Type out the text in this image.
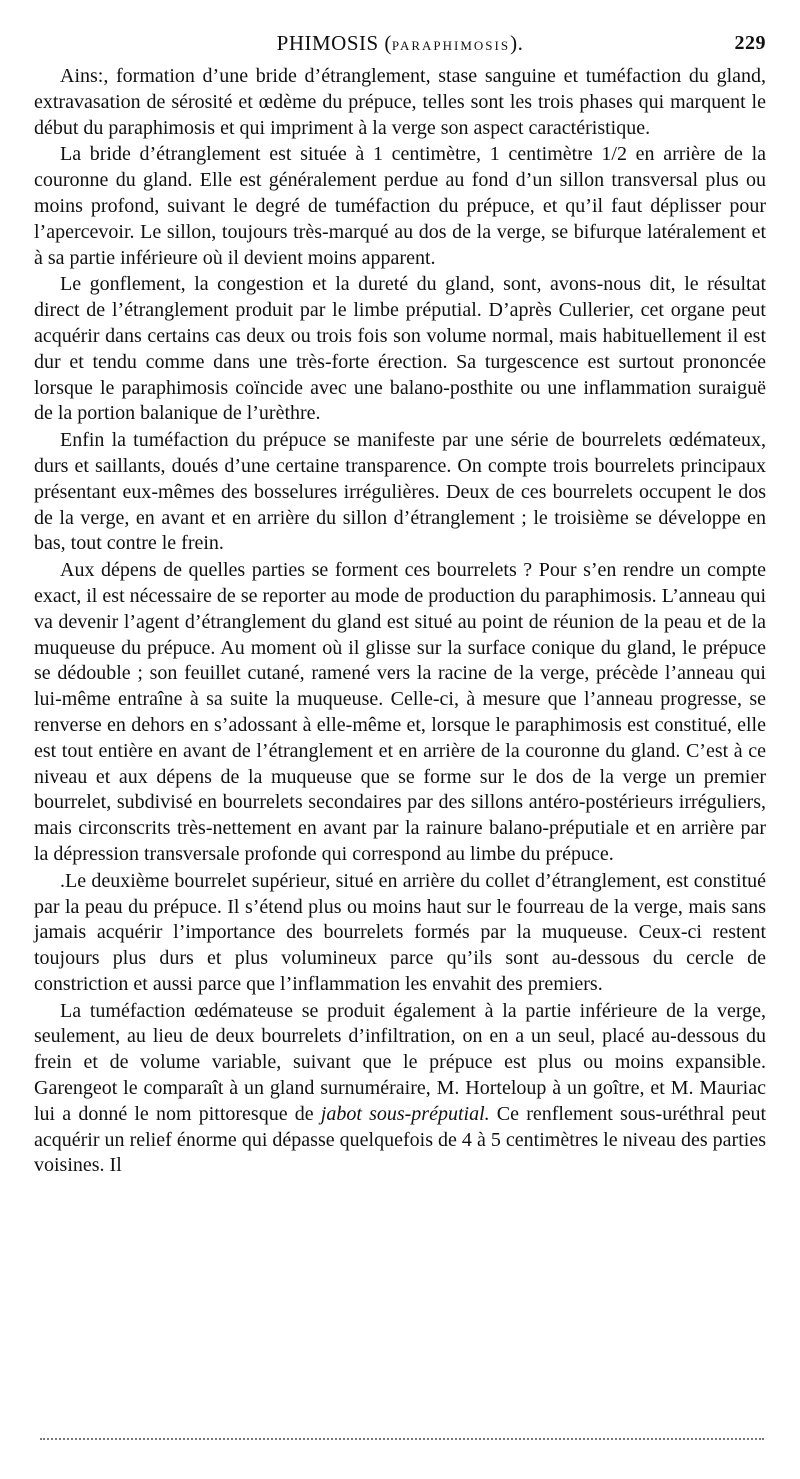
PHIMOSIS (PARAPHIMOSIS).	229

Ains:, formation d’une bride d’étranglement, stase sanguine et tuméfaction du gland, extravasation de sérosité et œdème du prépuce, telles sont les trois phases qui marquent le début du paraphimosis et qui impriment à la verge son aspect caractéristique.

La bride d’étranglement est située à 1 centimètre, 1 centimètre 1/2 en arrière de la couronne du gland. Elle est généralement perdue au fond d’un sillon transversal plus ou moins profond, suivant le degré de tuméfaction du prépuce, et qu’il faut déplisser pour l’apercevoir. Le sillon, toujours très-marqué au dos de la verge, se bifurque latéralement et à sa partie inférieure où il devient moins apparent.

Le gonflement, la congestion et la dureté du gland, sont, avons-nous dit, le résultat direct de l’étranglement produit par le limbe préputial. D’après Cullerier, cet organe peut acquérir dans certains cas deux ou trois fois son volume normal, mais habituellement il est dur et tendu comme dans une très-forte érection. Sa turgescence est surtout prononcée lorsque le paraphimosis coïncide avec une balano-posthite ou une inflammation suraiguë de la portion balanique de l’urèthre.

Enfin la tuméfaction du prépuce se manifeste par une série de bourrelets œdémateux, durs et saillants, doués d’une certaine transparence. On compte trois bourrelets principaux présentant eux-mêmes des bosselures irrégulières. Deux de ces bourrelets occupent le dos de la verge, en avant et en arrière du sillon d’étranglement ; le troisième se développe en bas, tout contre le frein.

Aux dépens de quelles parties se forment ces bourrelets ? Pour s’en rendre un compte exact, il est nécessaire de se reporter au mode de production du paraphimosis. L’anneau qui va devenir l’agent d’étranglement du gland est situé au point de réunion de la peau et de la muqueuse du prépuce. Au moment où il glisse sur la surface conique du gland, le prépuce se dédouble ; son feuillet cutané, ramené vers la racine de la verge, précède l’anneau qui lui-même entraîne à sa suite la muqueuse. Celle-ci, à mesure que l’anneau progresse, se renverse en dehors en s’adossant à elle-même et, lorsque le paraphimosis est constitué, elle est tout entière en avant de l’étranglement et en arrière de la couronne du gland. C’est à ce niveau et aux dépens de la muqueuse que se forme sur le dos de la verge un premier bourrelet, subdivisé en bourrelets secondaires par des sillons antéro-postérieurs irréguliers, mais circonscrits très-nettement en avant par la rainure balano-préputiale et en arrière par la dépression transversale profonde qui correspond au limbe du prépuce.

.Le deuxième bourrelet supérieur, situé en arrière du collet d’étranglement, est constitué par la peau du prépuce. Il s’étend plus ou moins haut sur le fourreau de la verge, mais sans jamais acquérir l’importance des bourrelets formés par la muqueuse. Ceux-ci restent toujours plus durs et plus volumineux parce qu’ils sont au-dessous du cercle de constriction et aussi parce que l’inflammation les envahit des premiers.

La tuméfaction œdémateuse se produit également à la partie inférieure de la verge, seulement, au lieu de deux bourrelets d’infiltration, on en a un seul, placé au-dessous du frein et de volume variable, suivant que le prépuce est plus ou moins expansible. Garengeot le comparaît à un gland surnuméraire, M. Horteloup à un goître, et M. Mauriac lui a donné le nom pittoresque de jabot sous-préputial. Ce renflement sous-uréthral peut acquérir un relief énorme qui dépasse quelquefois de 4 à 5 centimètres le niveau des parties voisines. Il
